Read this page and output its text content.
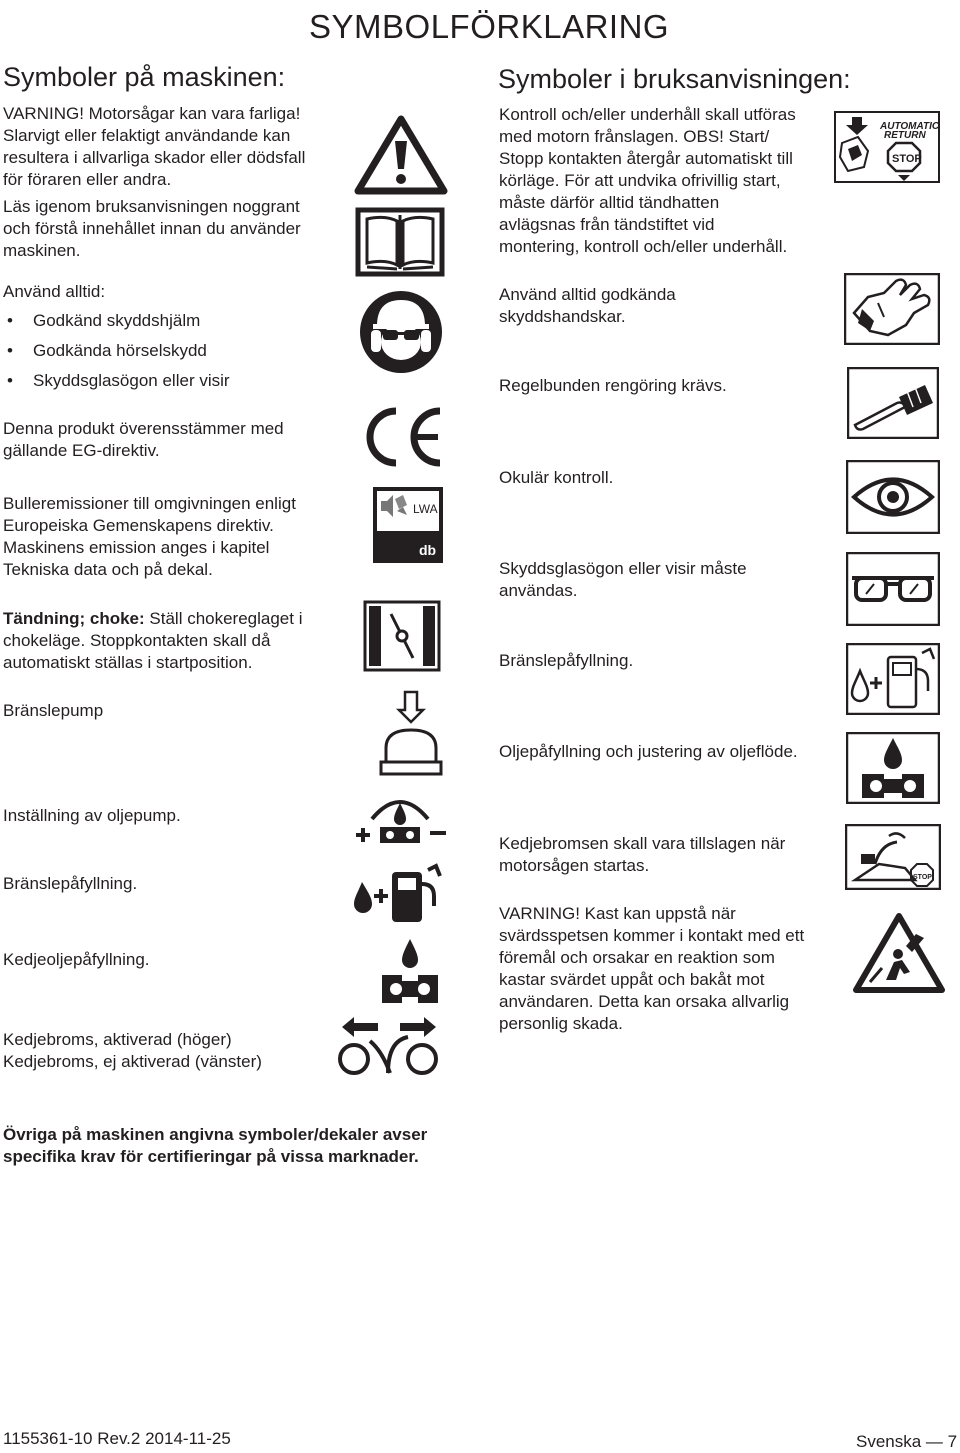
SYMBOLFÖRKLARING
Symboler på maskinen:
VARNING! Motorsågar kan vara farliga!
Slarvigt eller felaktigt användande kan
resultera i allvarliga skador eller dödsfall
för föraren eller andra.
Läs igenom bruksanvisningen noggrant
och förstå innehållet innan du använder
maskinen.
Använd alltid:
• Godkänd skyddshjälm
• Godkända hörselskydd
• Skyddsglasögon eller visir
Denna produkt överensstämmer med
gällande EG-direktiv.
Bulleremissioner till omgivningen enligt
Europeiska Gemenskapens direktiv.
Maskinens emission anges i kapitel
Tekniska data och på dekal.
Tändning; choke: Ställ chokereglaget i
chokeläge. Stoppkontakten skall då
automatiskt ställas i startposition.
Bränslepump
Inställning av oljepump.
Bränslepåfyllning.
Kedjeoljepåfyllning.
Kedjebroms, aktiverad (höger)
Kedjebroms, ej aktiverad (vänster)
Övriga på maskinen angivna symboler/dekaler avser
specifika krav för certifieringar på vissa marknader.
Symboler i bruksanvisningen:
Kontroll och/eller underhåll skall utföras
med motorn frånslagen. OBS! Start/
Stopp kontakten återgår automatiskt till
körläge. För att undvika ofrivillig start,
måste därför alltid tändhatten
avlägsnas från tändstiftet vid
montering, kontroll och/eller underhåll.
Använd alltid godkända
skyddshandskar.
Regelbunden rengöring krävs.
Okulär kontroll.
Skyddsglasögon eller visir måste
användas.
Bränslepåfyllning.
Oljepåfyllning och justering av oljeflöde.
Kedjebromsen skall vara tillslagen när
motorsågen startas.
VARNING! Kast kan uppstå när
svärdsspetsen kommer i kontakt med ett
föremål och orsakar en reaktion som
kastar svärdet uppåt och bakåt mot
användaren. Detta kan orsaka allvarlig
personlig skada.
1155361-10 Rev.2 2014-11-25	Svenska — 7
LWA
db
AUTOMATIC
RETURN
STOP
STOP
